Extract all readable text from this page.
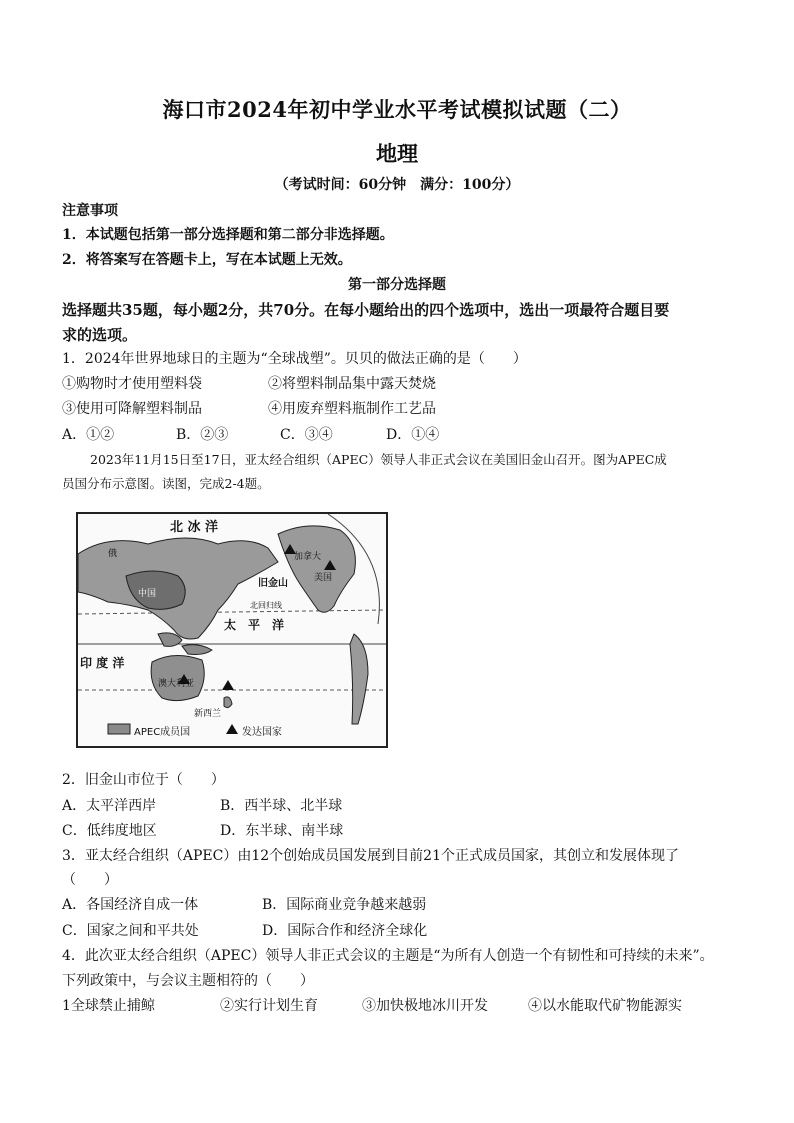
海口市2024年初中学业水平考试模拟试题（二）
地理
（考试时间：60分钟　满分：100分）
注意事项
1．本试题包括第一部分选择题和第二部分非选择题。
2．将答案写在答题卡上，写在本试题上无效。
第一部分选择题
选择题共35题，每小题2分，共70分。在每小题给出的四个选项中，选出一项最符合题目要
求的选项。
1．2024年世界地球日的主题为“全球战塑”。贝贝的做法正确的是（　　）
①购物时才使用塑料袋	②将塑料制品集中露天焚烧
③使用可降解塑料制品	④用废弃塑料瓶制作工艺品
A．①②	B．②③	C．③④	D．①④
2023年11月15日至17日，亚太经合组织（APEC）领导人非正式会议在美国旧金山召开。图为APEC成
员国分布示意图。读图，完成2-4题。
北 冰 洋
加拿大
旧金山	美国
中国
俄
北回归线
太　平　洋
印 度 洋
澳大利亚
新西兰
APEC成员国	发达国家
2．旧金山市位于（　　）
A．太平洋西岸	B．西半球、北半球
C．低纬度地区	D．东半球、南半球
3．亚太经合组织（APEC）由12个创始成员国发展到目前21个正式成员国家，其创立和发展体现了
（　　）
A．各国经济自成一体	B．国际商业竞争越来越弱
C．国家之间和平共处	D．国际合作和经济全球化
4．此次亚太经合组织（APEC）领导人非正式会议的主题是“为所有人创造一个有韧性和可持续的未来”。
下列政策中，与会议主题相符的（　　）
1全球禁止捕鲸	②实行计划生育	③加快极地冰川开发	④以水能取代矿物能源实
